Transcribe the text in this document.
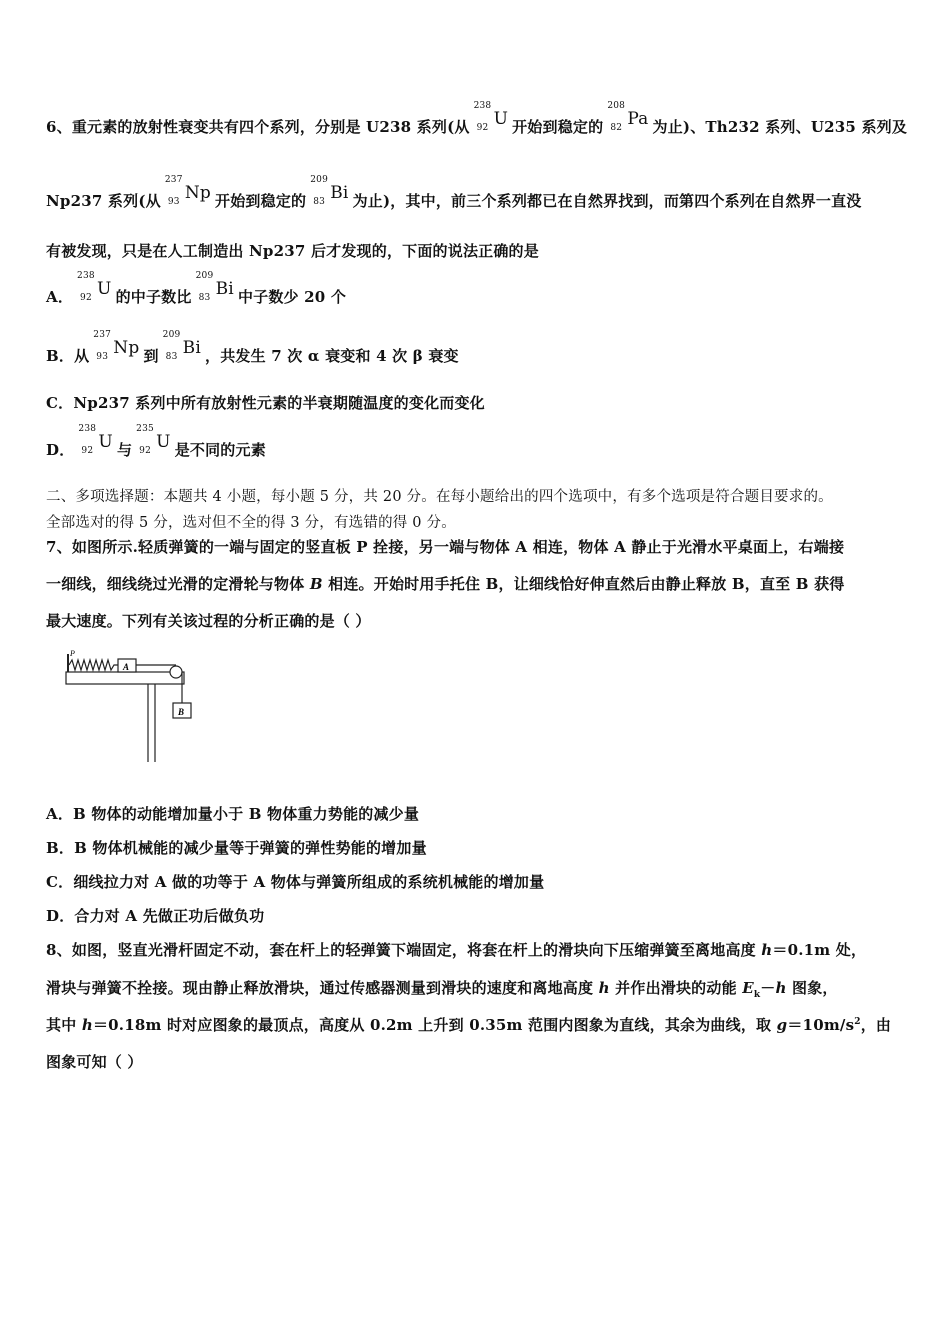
6、重元素的放射性衰变共有四个系列，分别是 U238 系列(从
238
92 U 开始到稳定的
208
82 Pa 为止)、Th232 系列、U235 系列及
Np237 系列(从
237
93 Np 开始到稳定的
209
83 Bi 为止)，其中，前三个系列都已在自然界找到，而第四个系列在自然界一直没
有被发现，只是在人工制造出 Np237 后才发现的，下面的说法正确的是
A．
238
92 U 的中子数比
209
83 Bi 中子数少 20 个
B．从
237
93 Np 到
209
83 Bi ，共发生 7 次 α 衰变和 4 次 β 衰变
C．Np237 系列中所有放射性元素的半衰期随温度的变化而变化
D．
238
92 U 与
235
92 U 是不同的元素
二、多项选择题：本题共 4 小题，每小题 5 分，共 20 分。在每小题给出的四个选项中，有多个选项是符合题目要求的。
全部选对的得 5 分，选对但不全的得 3 分，有选错的得 0 分。
7、如图所示.轻质弹簧的一端与固定的竖直板 P 拴接，另一端与物体 A 相连，物体 A 静止于光滑水平桌面上，右端接
一细线，细线绕过光滑的定滑轮与物体 B 相连。开始时用手托住 B，让细线恰好伸直然后由静止释放 B，直至 B 获得
最大速度。下列有关该过程的分析正确的是（ ）
P
A
B
A．B 物体的动能增加量小于 B 物体重力势能的减少量
B．B 物体机械能的减少量等于弹簧的弹性势能的增加量
C．细线拉力对 A 做的功等于 A 物体与弹簧所组成的系统机械能的增加量
D．合力对 A 先做正功后做负功
8、如图，竖直光滑杆固定不动，套在杆上的轻弹簧下端固定，将套在杆上的滑块向下压缩弹簧至离地高度 h＝0.1m 处，
滑块与弹簧不拴接。现由静止释放滑块，通过传感器测量到滑块的速度和离地高度 h 并作出滑块的动能 $E_k-h$ 图象，
其中 h＝0.18m 时对应图象的最顶点，高度从 0.2m 上升到 0.35m 范围内图象为直线，其余为曲线，取 $g=10m/s^2$，由
图象可知（ ）
